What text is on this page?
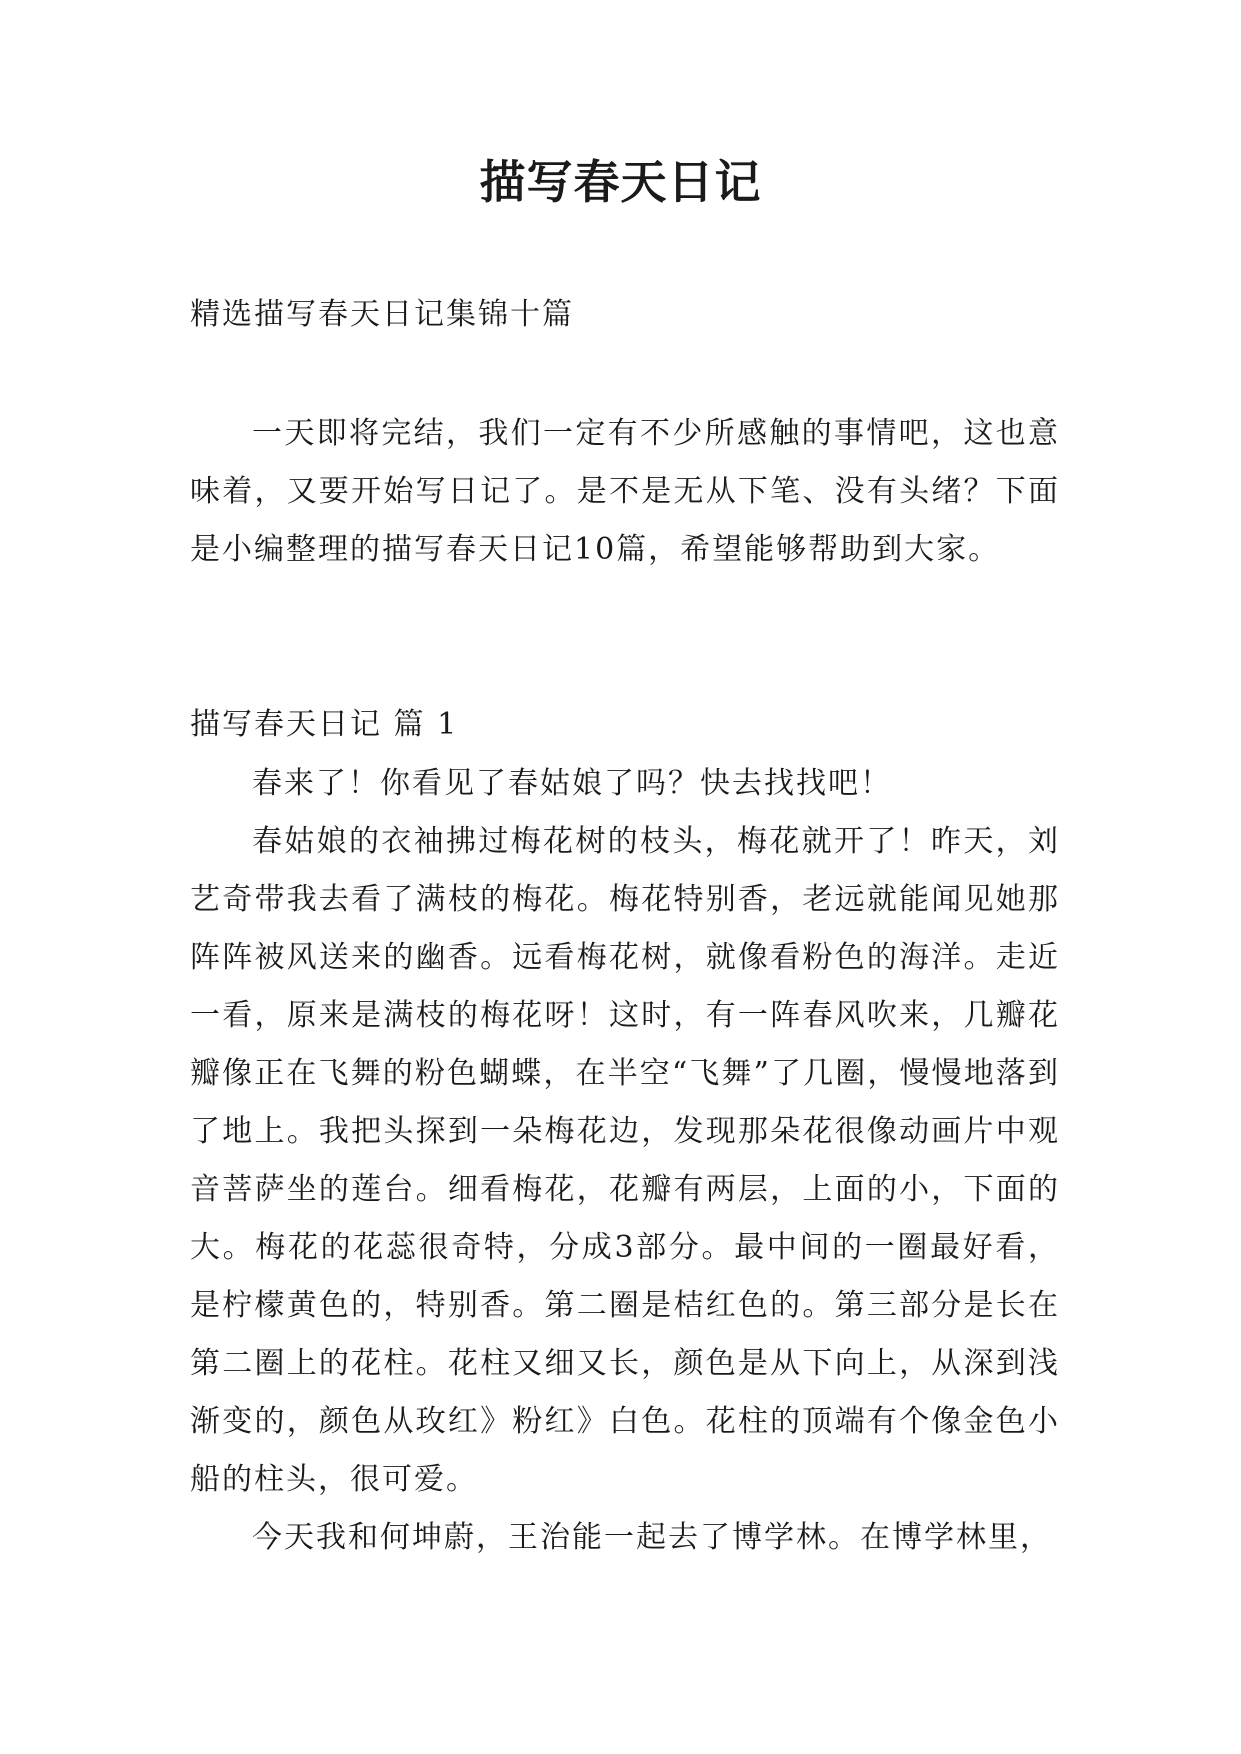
描写春天日记

精选描写春天日记集锦十篇

一天即将完结，我们一定有不少所感触的事情吧，这也意味着，又要开始写日记了。是不是无从下笔、没有头绪？下面是小编整理的描写春天日记10篇，希望能够帮助到大家。

描写春天日记 篇 1

春来了！你看见了春姑娘了吗？快去找找吧！

春姑娘的衣袖拂过梅花树的枝头，梅花就开了！昨天，刘艺奇带我去看了满枝的梅花。梅花特别香，老远就能闻见她那阵阵被风送来的幽香。远看梅花树，就像看粉色的海洋。走近一看，原来是满枝的梅花呀！这时，有一阵春风吹来，几瓣花瓣像正在飞舞的粉色蝴蝶，在半空“飞舞”了几圈，慢慢地落到了地上。我把头探到一朵梅花边，发现那朵花很像动画片中观音菩萨坐的莲台。细看梅花，花瓣有两层，上面的小，下面的大。梅花的花蕊很奇特，分成3部分。最中间的一圈最好看，是柠檬黄色的，特别香。第二圈是桔红色的。第三部分是长在第二圈上的花柱。花柱又细又长，颜色是从下向上，从深到浅渐变的，颜色从玫红》粉红》白色。花柱的顶端有个像金色小船的柱头，很可爱。

今天我和何坤蔚，王治能一起去了博学林。在博学林里，
